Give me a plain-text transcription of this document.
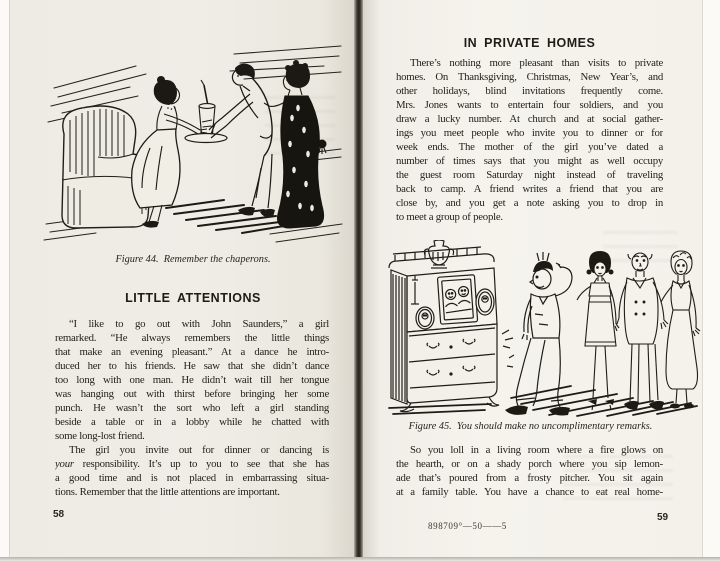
Figure 44.  Remember the chaperons.
LITTLE ATTENTIONS
“I like to go out with John Saunders,” a girl
remarked. “He always remembers the little things
that make an evening pleasant.” At a dance he intro-
duced her to his friends. He saw that she didn’t dance
too long with one man. He didn’t wait till her tongue
was hanging out with thirst before bringing her some
punch. He wasn’t the sort who left a girl standing
beside a table or in a lobby while he chatted with
some long-lost friend.
The girl you invite out for dinner or dancing is
your responsibility. It’s up to you to see that she has
a good time and is not placed in embarrassing situa-
tions. Remember that the little attentions are important.
58
IN PRIVATE HOMES
There’s nothing more pleasant than visits to private
homes. On Thanksgiving, Christmas, New Year’s, and
other holidays, blind invitations frequently come.
Mrs. Jones wants to entertain four soldiers, and you
draw a lucky number. At church and at social gather-
ings you meet people who invite you to dinner or for
week ends. The mother of the girl you’ve dated a
number of times says that you might as well occupy
the guest room Saturday night instead of traveling
back to camp. A friend writes a friend that you are
close by, and you get a note asking you to drop in
to meet a group of people.
Figure 45.  You should make no uncomplimentary remarks.
So you loll in a living room where a fire glows on
the hearth, or on a shady porch where you sip lemon-
ade that’s poured from a frosty pitcher. You sit again
at a family table. You have a chance to eat real home-
59
898709°—50——5
